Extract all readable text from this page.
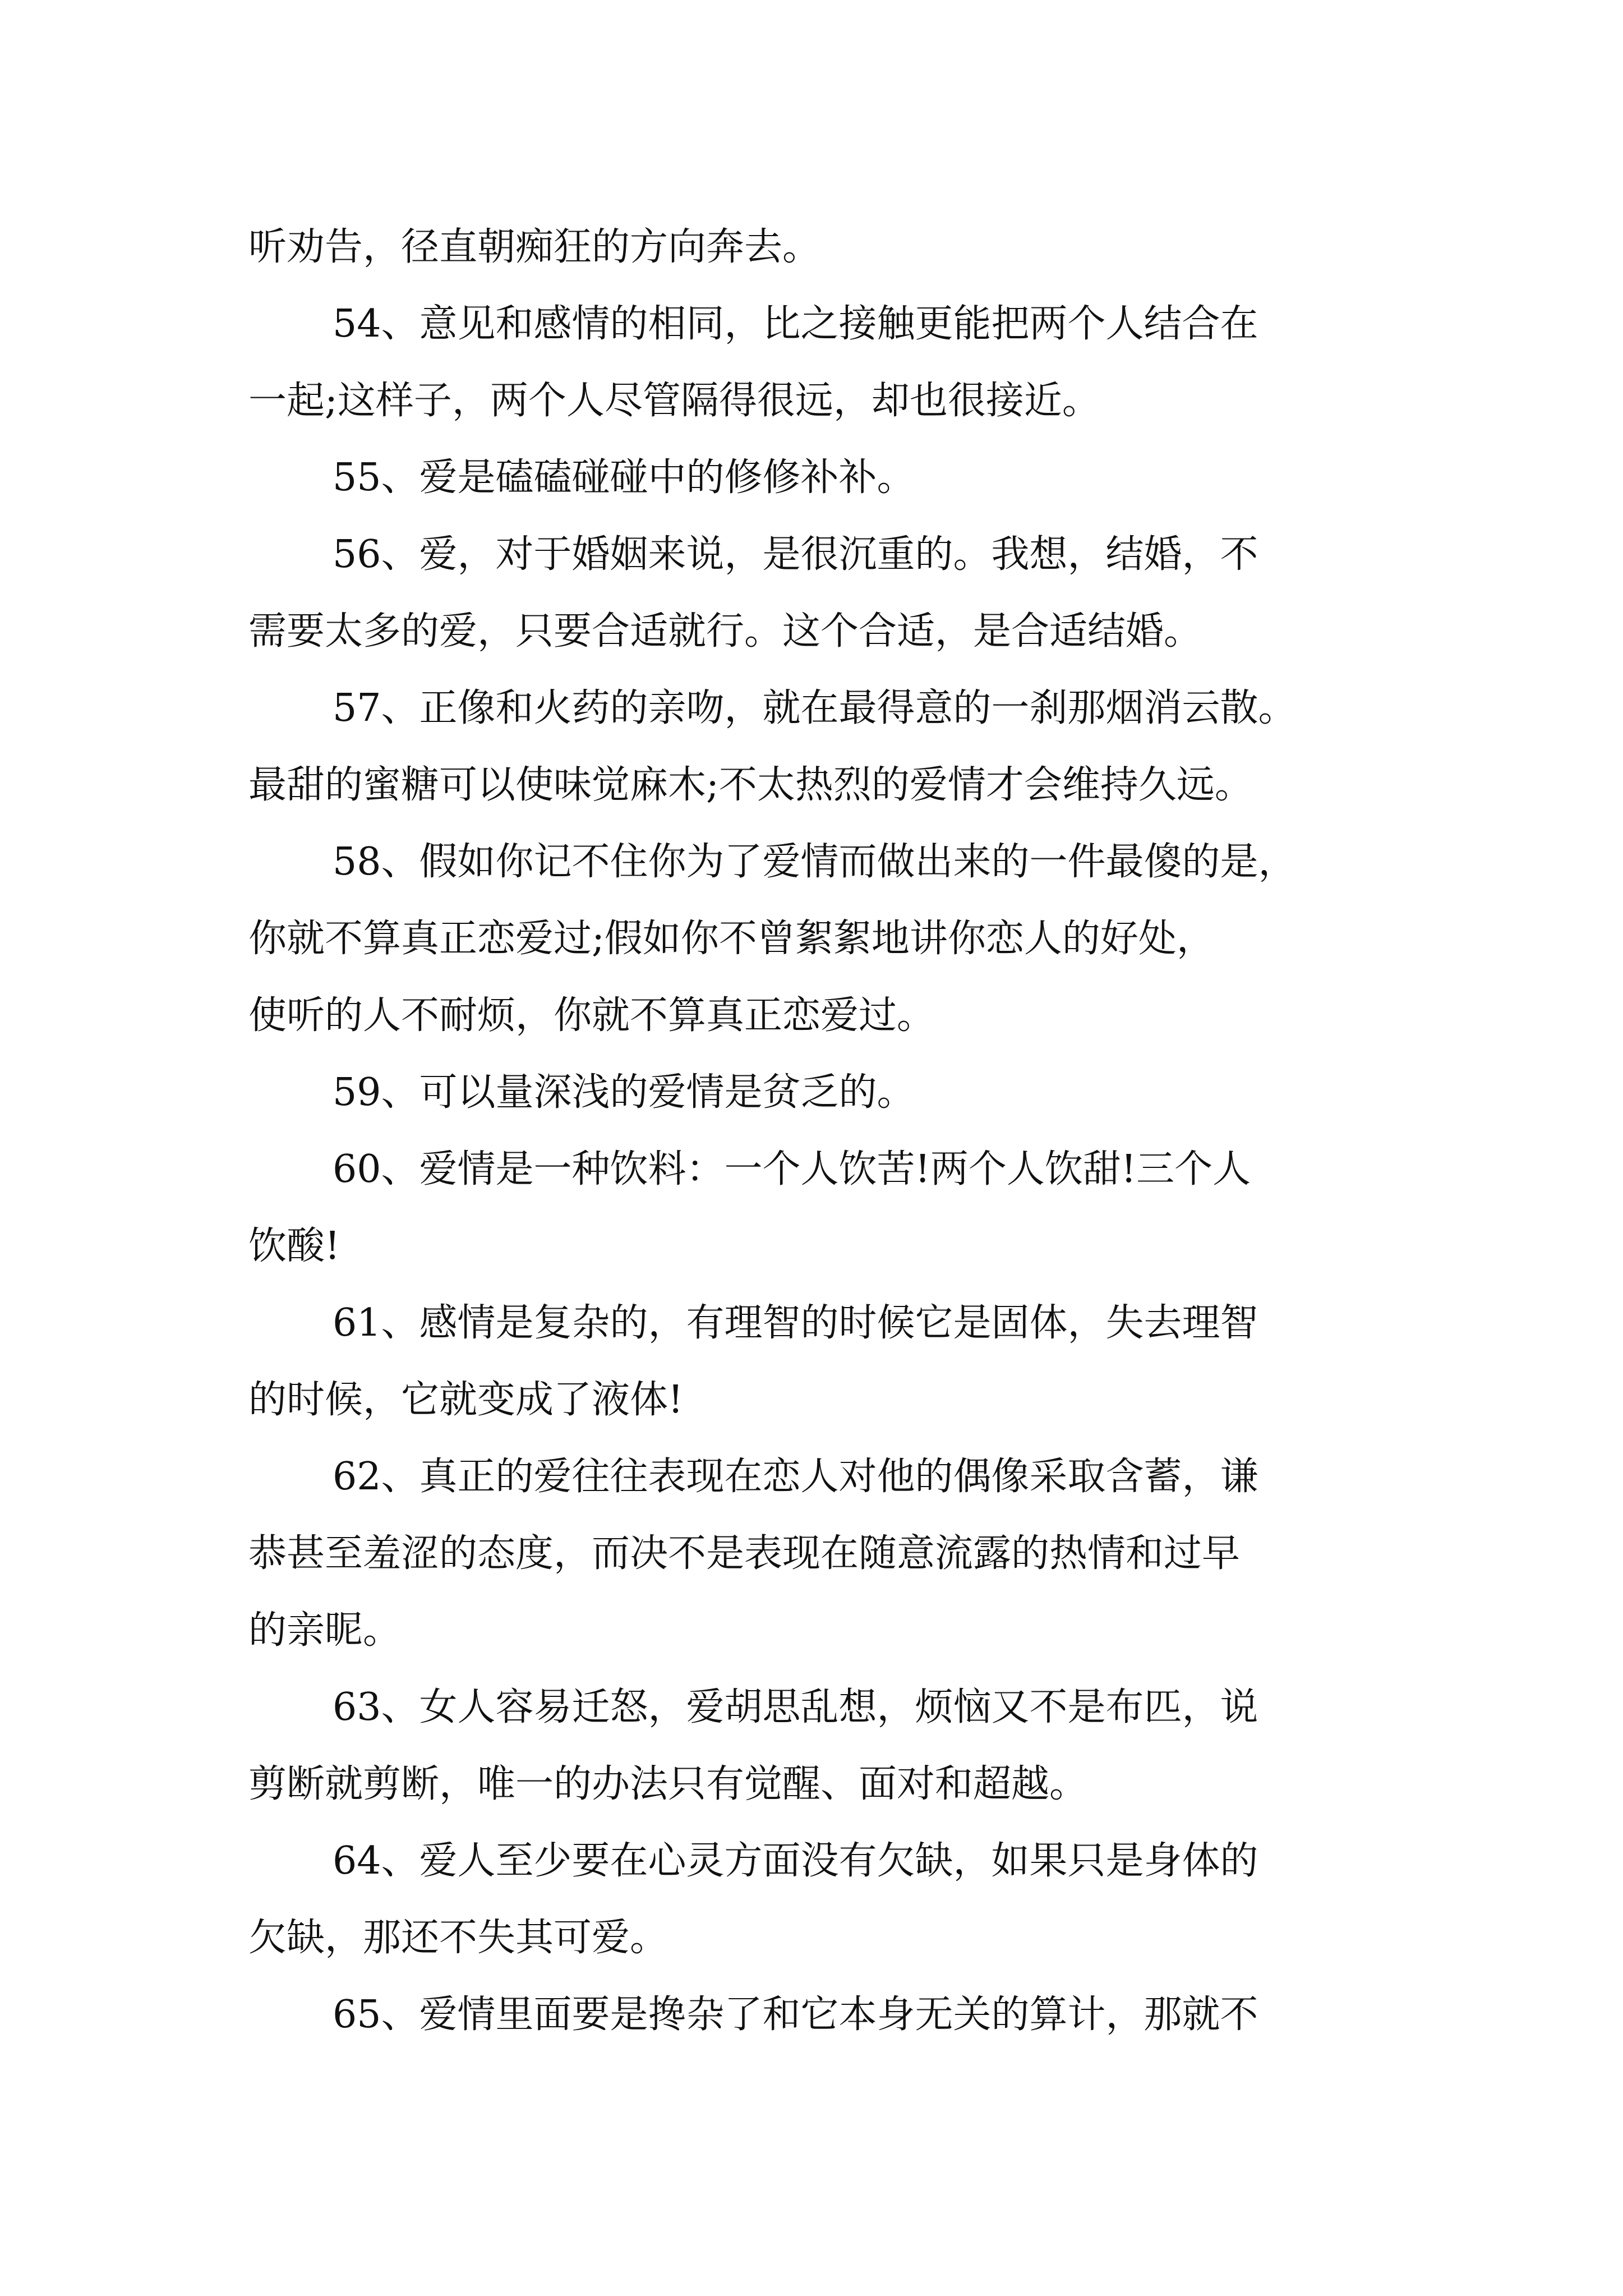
听劝告，径直朝痴狂的方向奔去。
54、意见和感情的相同，比之接触更能把两个人结合在
一起;这样子，两个人尽管隔得很远，却也很接近。
55、爱是磕磕碰碰中的修修补补。
56、爱，对于婚姻来说，是很沉重的。我想，结婚，不
需要太多的爱，只要合适就行。这个合适，是合适结婚。
57、正像和火药的亲吻，就在最得意的一刹那烟消云散。
最甜的蜜糖可以使味觉麻木;不太热烈的爱情才会维持久远。
58、假如你记不住你为了爱情而做出来的一件最傻的是，
你就不算真正恋爱过;假如你不曾絮絮地讲你恋人的好处，
使听的人不耐烦，你就不算真正恋爱过。
59、可以量深浅的爱情是贫乏的。
60、爱情是一种饮料：一个人饮苦!两个人饮甜!三个人
饮酸!
61、感情是复杂的，有理智的时候它是固体，失去理智
的时候，它就变成了液体!
62、真正的爱往往表现在恋人对他的偶像采取含蓄，谦
恭甚至羞涩的态度，而决不是表现在随意流露的热情和过早
的亲昵。
63、女人容易迁怒，爱胡思乱想，烦恼又不是布匹，说
剪断就剪断，唯一的办法只有觉醒、面对和超越。
64、爱人至少要在心灵方面没有欠缺，如果只是身体的
欠缺，那还不失其可爱。
65、爱情里面要是搀杂了和它本身无关的算计，那就不
